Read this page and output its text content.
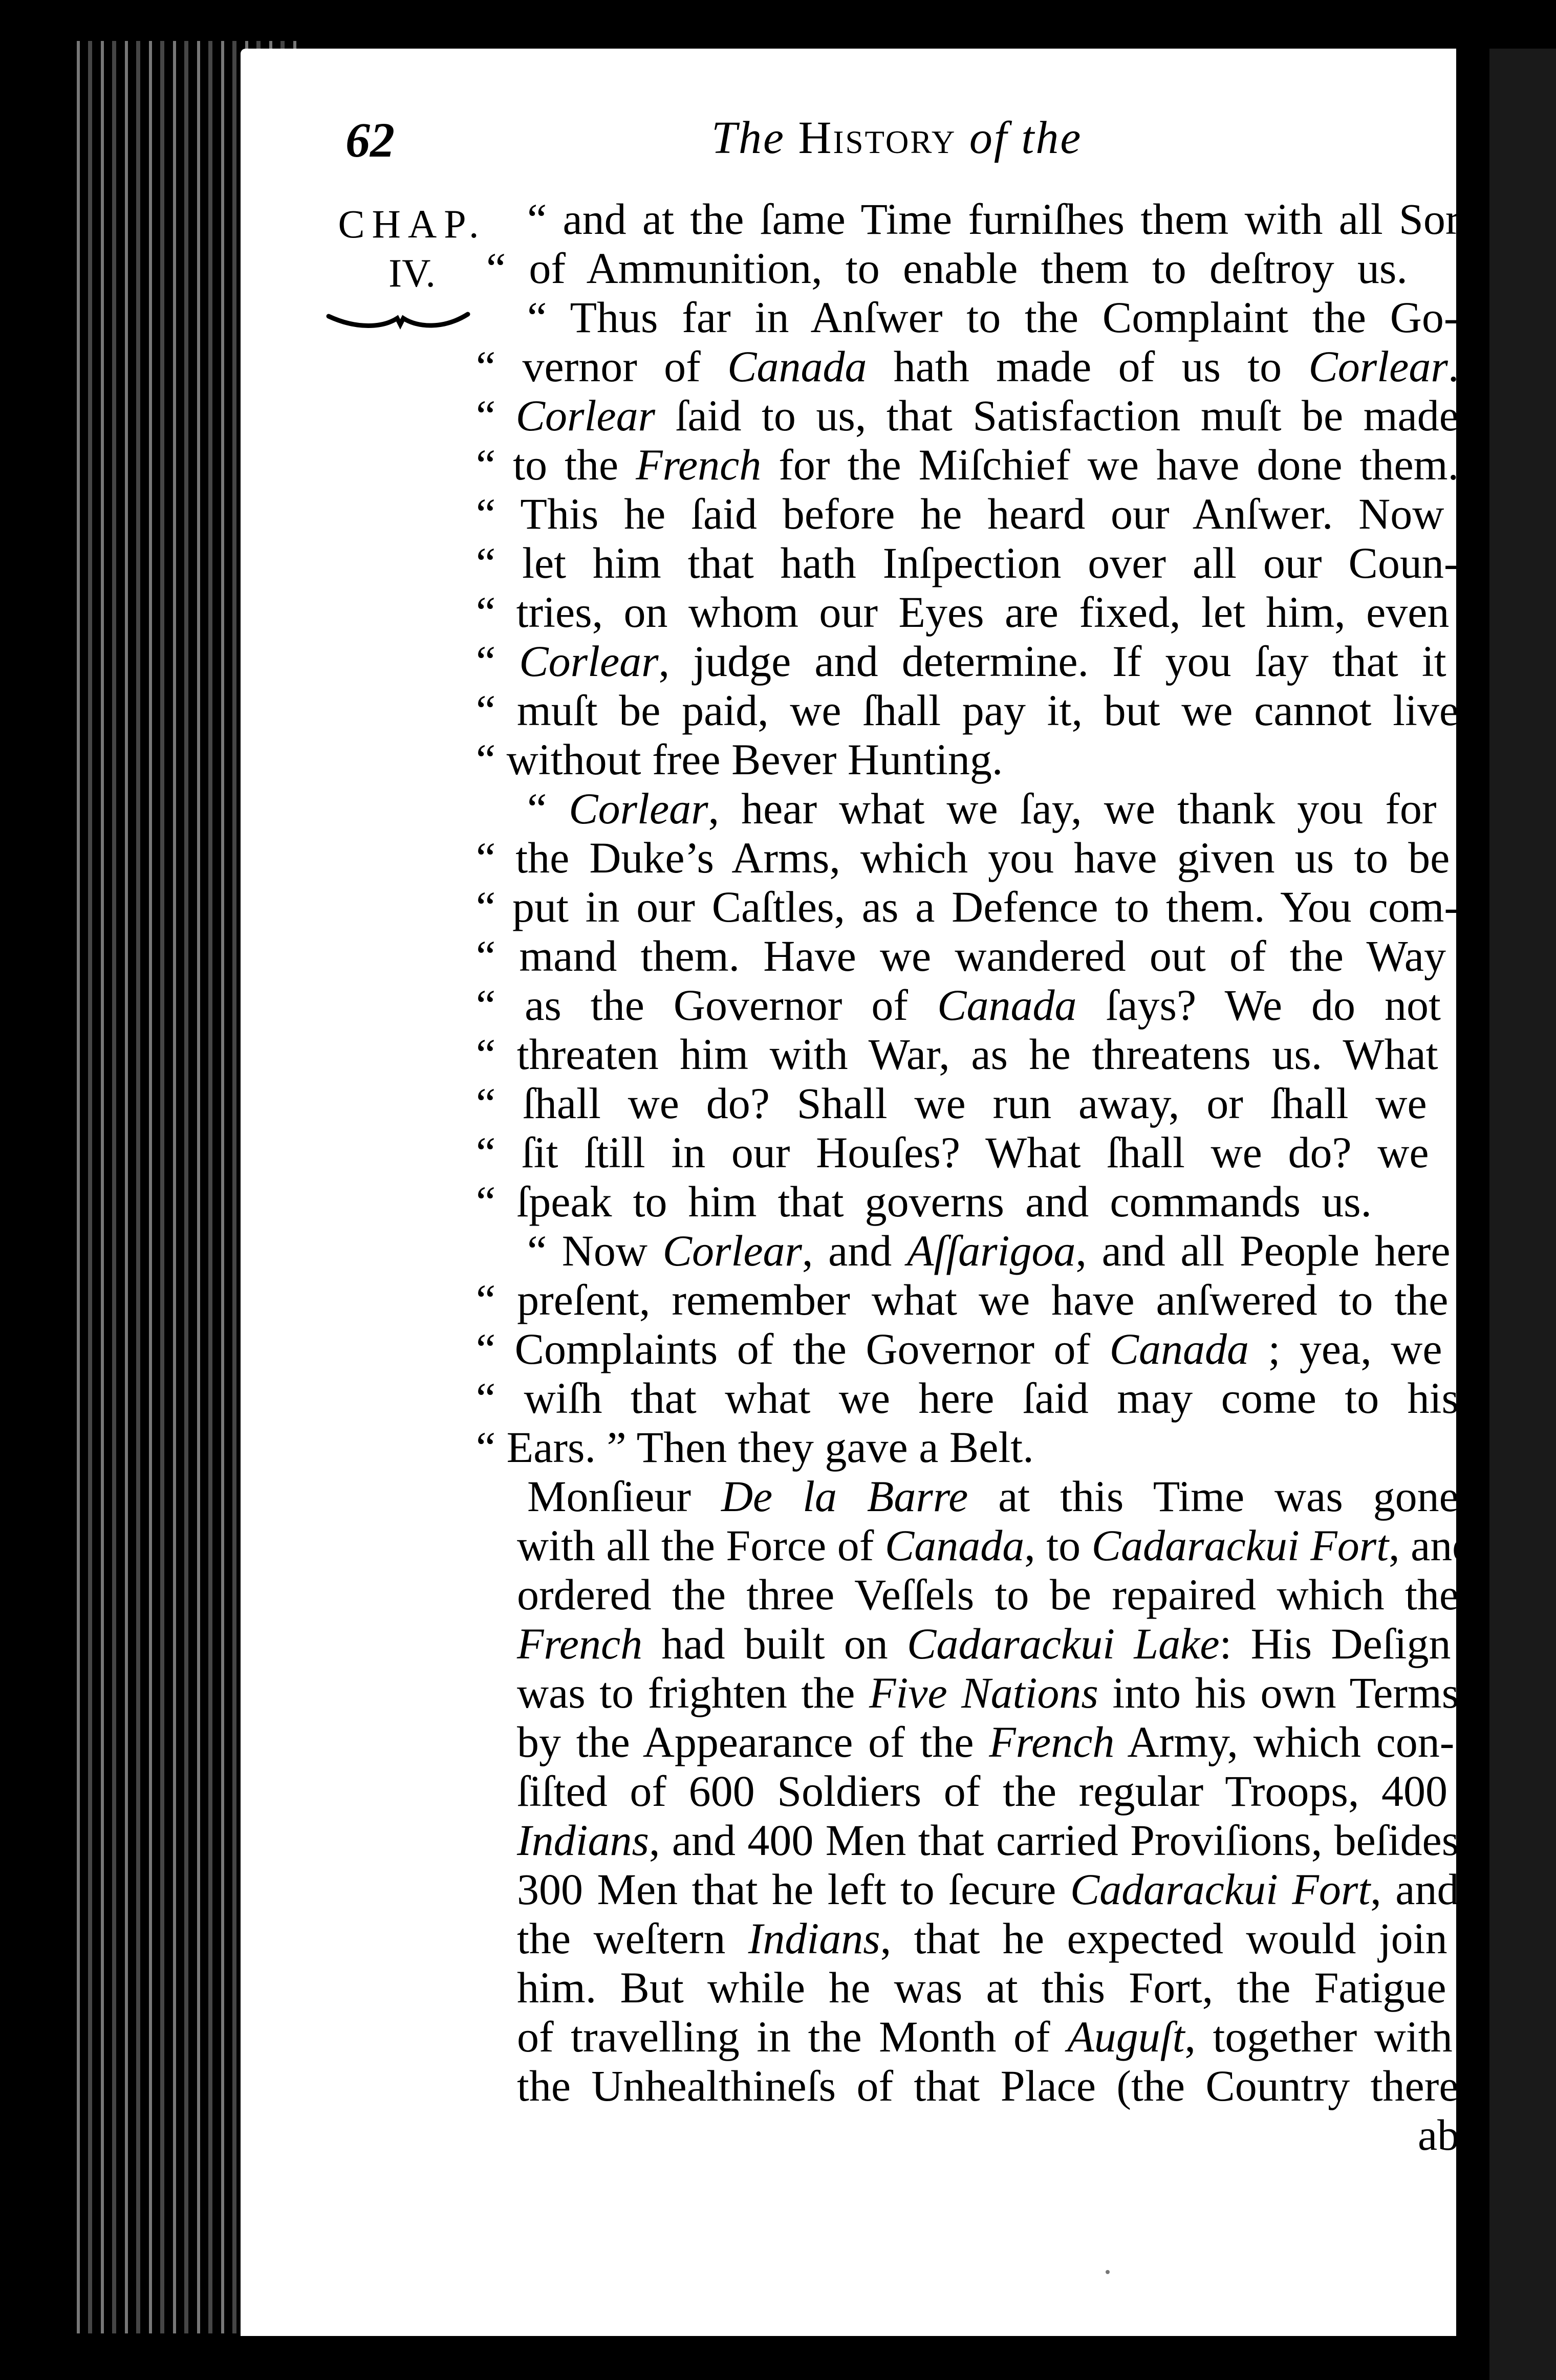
62	The History of the
CHAP.
IV.
“ and at the ſame Time furniſhes them with all Sorts
“ of Ammunition, to enable them to deſtroy us.
“ Thus far in Anſwer to the Complaint the Go-
“ vernor of Canada hath made of us to Corlear.
“ Corlear ſaid to us, that Satisfaction muſt be made
“ to the French for the Miſchief we have done them.
“ This he ſaid before he heard our Anſwer. Now
“ let him that hath Inſpection over all our Coun-
“ tries, on whom our Eyes are fixed, let him, even
“ Corlear, judge and determine. If you ſay that it
“ muſt be paid, we ſhall pay it, but we cannot live
“ without free Bever Hunting.
“ Corlear, hear what we ſay, we thank you for
“ the Duke’s Arms, which you have given us to be
“ put in our Caſtles, as a Defence to them. You com-
“ mand them. Have we wandered out of the Way
“ as the Governor of Canada ſays? We do not
“ threaten him with War, as he threatens us. What
“ ſhall we do? Shall we run away, or ſhall we
“ ſit ſtill in our Houſes? What ſhall we do? we
“ ſpeak to him that governs and commands us.
“ Now Corlear, and Aſſarigoa, and all People here
“ preſent, remember what we have anſwered to the
“ Complaints of the Governor of Canada ; yea, we
“ wiſh that what we here ſaid may come to his
“ Ears. ” Then they gave a Belt.
Monſieur De la Barre at this Time was gone
with all the Force of Canada, to Cadarackui Fort, and
ordered the three Veſſels to be repaired which the
French had built on Cadarackui Lake: His Deſign
was to frighten the Five Nations into his own Terms
by the Appearance of the French Army, which con-
ſiſted of 600 Soldiers of the regular Troops, 400
Indians, and 400 Men that carried Proviſions, beſides
300 Men that he left to ſecure Cadarackui Fort, and
the weſtern Indians, that he expected would join
him. But while he was at this Fort, the Fatigue
of travelling in the Month of Auguſt, together with
the Unhealthineſs of that Place (the Country there
abo
